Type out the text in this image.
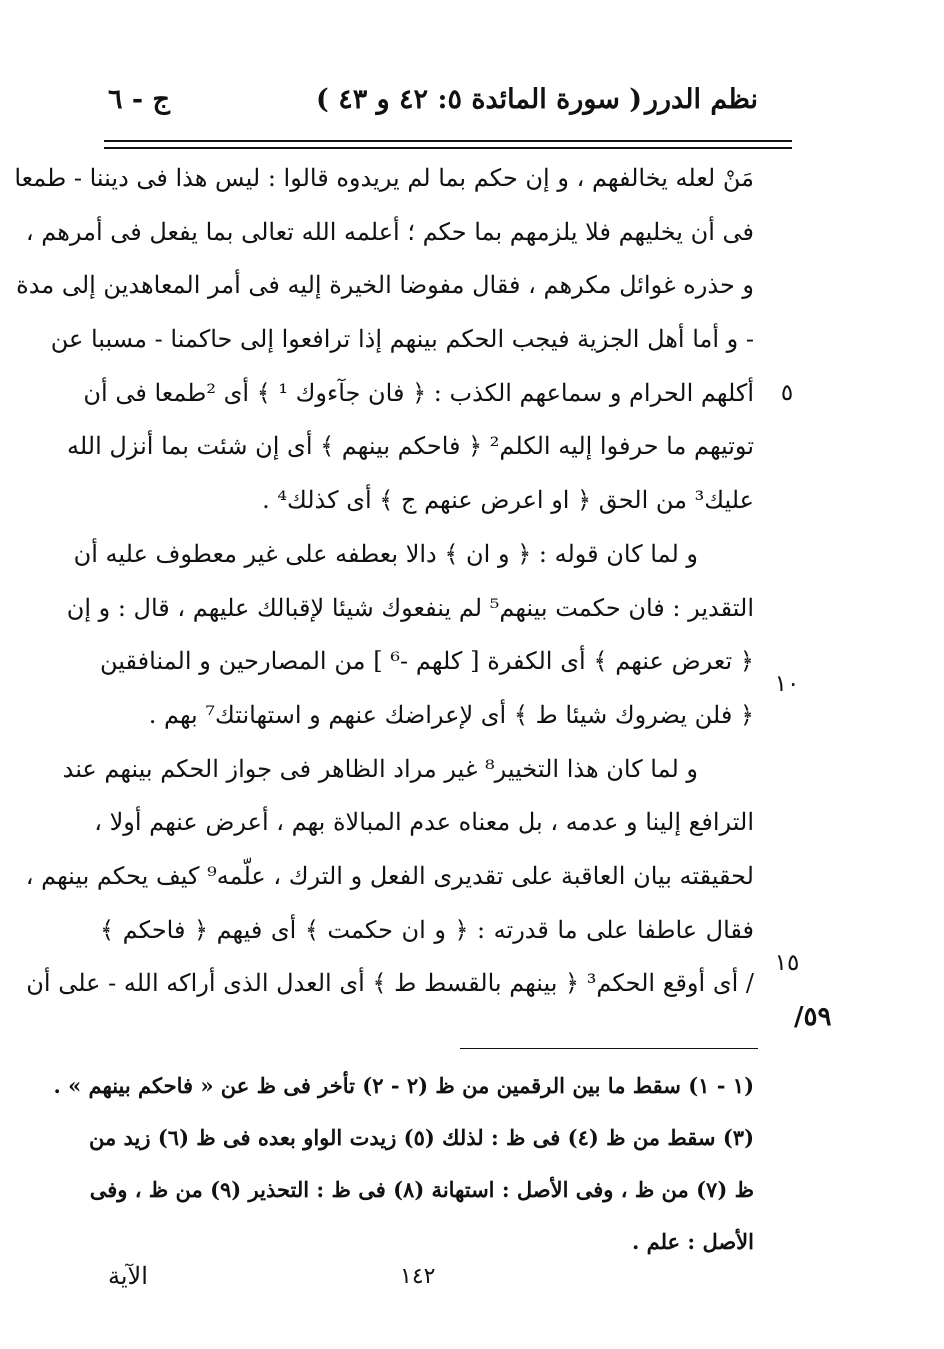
نظم الدرر
( سورة المائدة ٥: ٤٢ و ٤٣ )
ج - ٦
مَنْ لعله يخالفهم ، و إن حكم بما لم يريدوه قالوا : ليس هذا فى ديننا - طمعا
فى أن يخليهم فلا يلزمهم بما حكم ؛ أعلمه الله تعالى بما يفعل فى أمرهم ،
و حذره غوائل مكرهم ، فقال مفوضا الخيرة إليه فى أمر المعاهدين إلى مدة
- و أما أهل الجزية فيجب الحكم بينهم إذا ترافعوا إلى حاكمنا - مسببا عن
أكلهم الحرام و سماعهم الكذب : ﴿ فان جآءوك ¹ ﴾ أى ²طمعا فى أن
توتيهم ما حرفوا إليه الكلم² ﴿ فاحكم بينهم ﴾ أى إن شئت بما أنزل الله
عليك³ من الحق ﴿ او اعرض عنهم ج ﴾ أى كذلك⁴ .
و لما كان قوله : ﴿ و ان ﴾ دالا بعطفه على غير معطوف عليه أن
التقدير : فان حكمت بينهم⁵ لم ينفعوك شيئا لإقبالك عليهم ، قال : و إن
﴿ تعرض عنهم ﴾ أى الكفرة [ كلهم -⁶ ] من المصارحين و المنافقين
﴿ فلن يضروك شيئا ط ﴾ أى لإعراضك عنهم و استهانتك⁷ بهم .
و لما كان هذا التخيير⁸ غير مراد الظاهر فى جواز الحكم بينهم عند
الترافع إلينا و عدمه ، بل معناه عدم المبالاة بهم ، أعرض عنهم أولا ،
لحقيقته بيان العاقبة على تقديرى الفعل و الترك ، علّمه⁹ كيف يحكم بينهم ،
فقال عاطفا على ما قدرته : ﴿ و ان حكمت ﴾ أى فيهم ﴿ فاحكم ﴾
/ أى أوقع الحكم³ ﴿ بينهم بالقسط ط ﴾ أى العدل الذى أراكه الله - على أن
٥
١٠
١٥
٥٩/
(١ - ١) سقط ما بين الرقمين من ظ (٢ - ٢) تأخر فى ظ عن « فاحكم بينهم » .
(٣) سقط من ظ (٤) فى ظ : لذلك (٥) زيدت الواو بعده فى ظ (٦) زيد من
ظ (٧) من ظ ، وفى الأصل : استهانة (٨) فى ظ : التحذير (٩) من ظ ، وفى
الأصل : علم .
الآية	١٤٢
